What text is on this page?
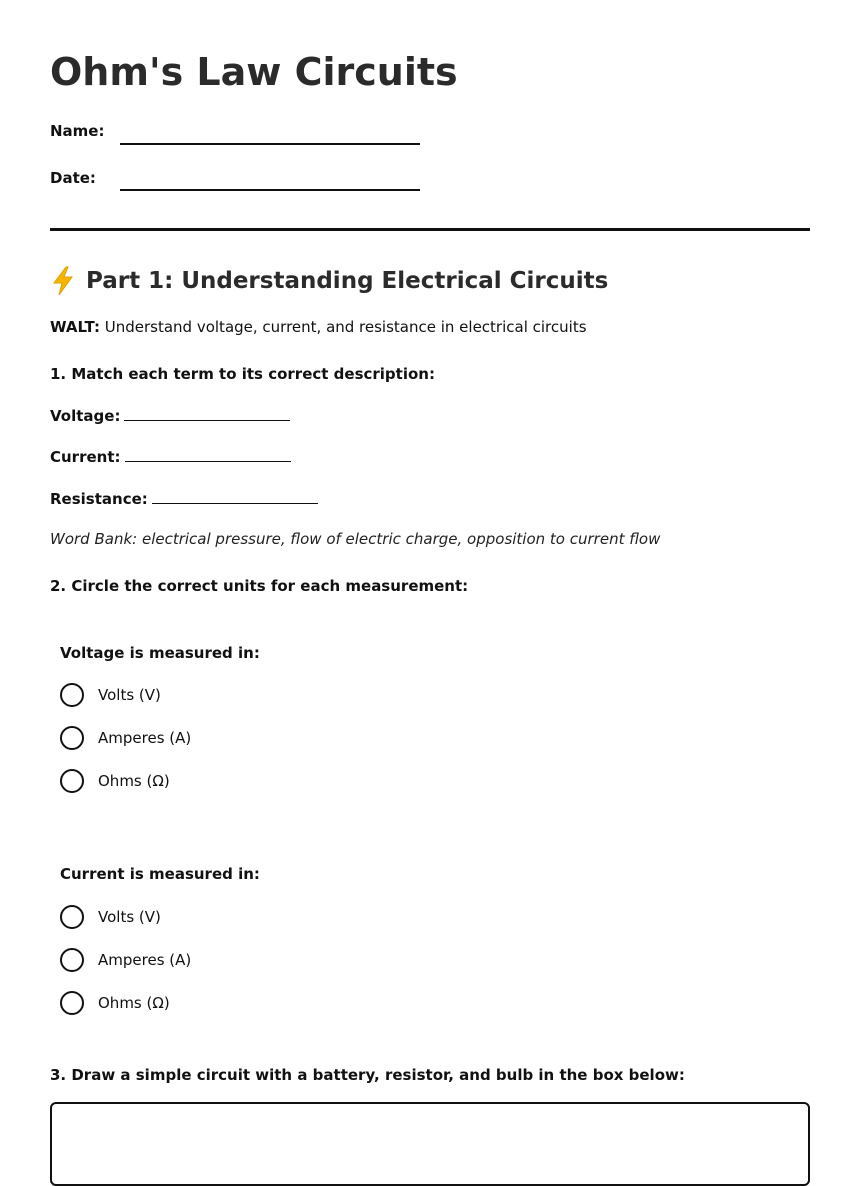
Ohm's Law Circuits
Name:
Date:
Part 1: Understanding Electrical Circuits
WALT: Understand voltage, current, and resistance in electrical circuits
1. Match each term to its correct description:
Voltage:
Current:
Resistance:
Word Bank: electrical pressure, flow of electric charge, opposition to current flow
2. Circle the correct units for each measurement:
Voltage is measured in:
Volts (V)
Amperes (A)
Ohms (Ω)
Current is measured in:
Volts (V)
Amperes (A)
Ohms (Ω)
3. Draw a simple circuit with a battery, resistor, and bulb in the box below:
